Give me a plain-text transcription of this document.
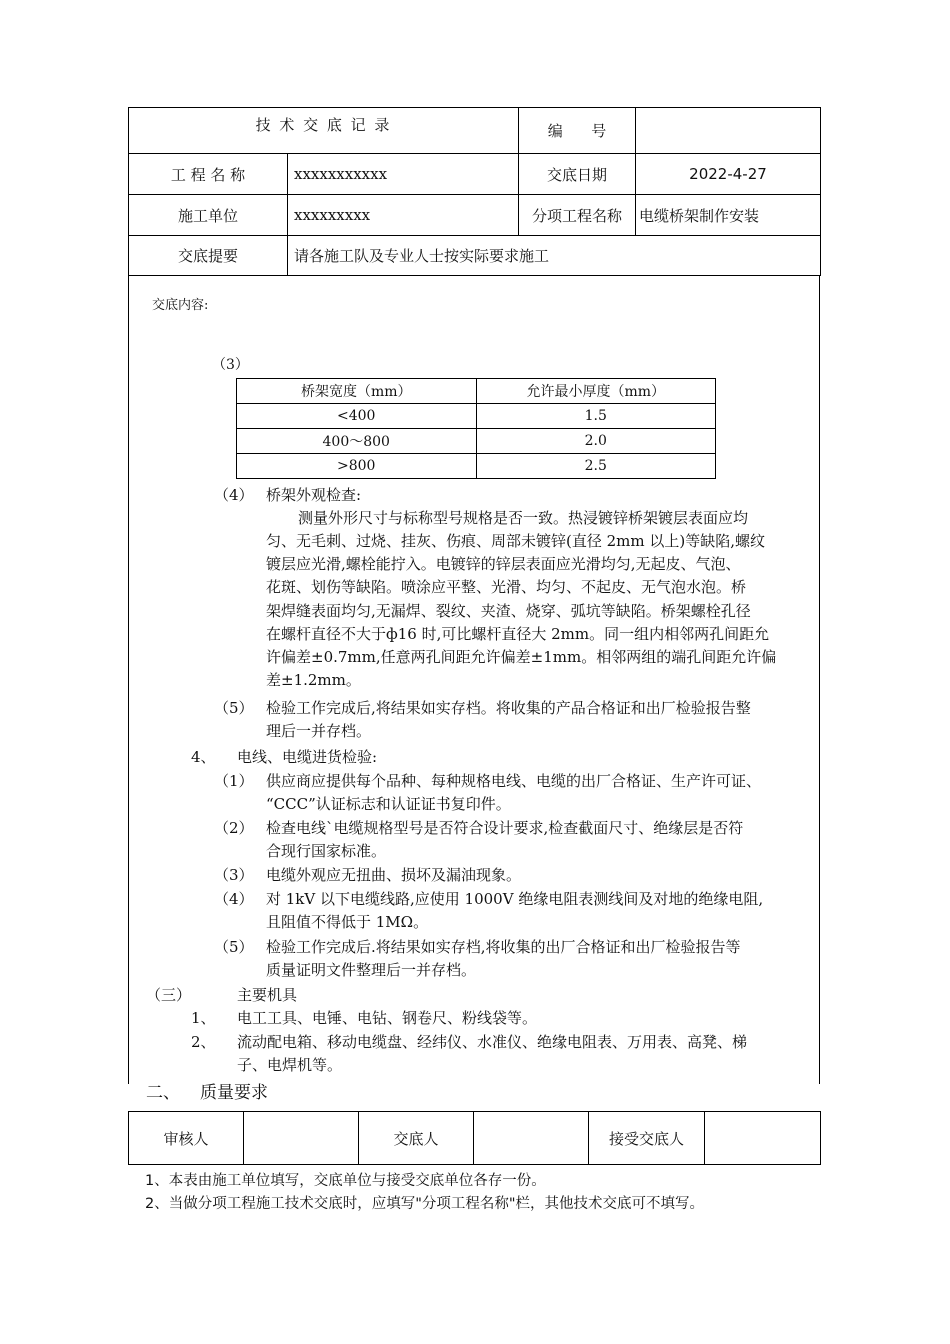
技 术 交 底 记 录		编      号	
工 程 名 称	xxxxxxxxxxx	交底日期	2022-4-27
施工单位	xxxxxxxxx	分项工程名称	电缆桥架制作安装
交底提要	请各施工队及专业人士按实际要求施工		
交底内容:
（3）
桥架宽度（mm）	允许最小厚度（mm）
<400	1.5
400～800	2.0
>800	2.5
（4） 桥架外观检查:
测量外形尺寸与标称型号规格是否一致。热浸镀锌桥架镀层表面应均
匀、无毛刺、过烧、挂灰、伤痕、周部未镀锌(直径 2mm 以上)等缺陷,螺纹
镀层应光滑,螺栓能拧入。电镀锌的锌层表面应光滑均匀,无起皮、气泡、
花斑、划伤等缺陷。喷涂应平整、光滑、均匀、不起皮、无气泡水泡。桥
架焊缝表面均匀,无漏焊、裂纹、夹渣、烧穿、弧坑等缺陷。桥架螺栓孔径
在螺杆直径不大于ф16 时,可比螺杆直径大 2mm。同一组内相邻两孔间距允
许偏差±0.7mm,任意两孔间距允许偏差±1mm。相邻两组的端孔间距允许偏
差±1.2mm。
（5） 检验工作完成后,将结果如实存档。将收集的产品合格证和出厂检验报告整
理后一并存档。
4、 电线、电缆进货检验:
（1） 供应商应提供每个品种、每种规格电线、电缆的出厂合格证、生产许可证、
“CCC”认证标志和认证证书复印件。
（2） 检查电线`电缆规格型号是否符合设计要求,检查截面尺寸、绝缘层是否符
合现行国家标准。
（3） 电缆外观应无扭曲、损坏及漏油现象。
（4） 对 1kV 以下电缆线路,应使用 1000V 绝缘电阻表测线间及对地的绝缘电阻,
且阻值不得低于 1MΩ。
（5） 检验工作完成后.将结果如实存档,将收集的出厂合格证和出厂检验报告等
质量证明文件整理后一并存档。
（三）	主要机具
1、 电工工具、电锤、电钻、钢卷尺、粉线袋等。
2、 流动配电箱、移动电缆盘、经纬仪、水准仪、绝缘电阻表、万用表、高凳、梯
子、电焊机等。
二、 质量要求
审核人		交底人		接受交底人	
1、本表由施工单位填写，交底单位与接受交底单位各存一份。
2、当做分项工程施工技术交底时，应填写"分项工程名称"栏，其他技术交底可不填写。
